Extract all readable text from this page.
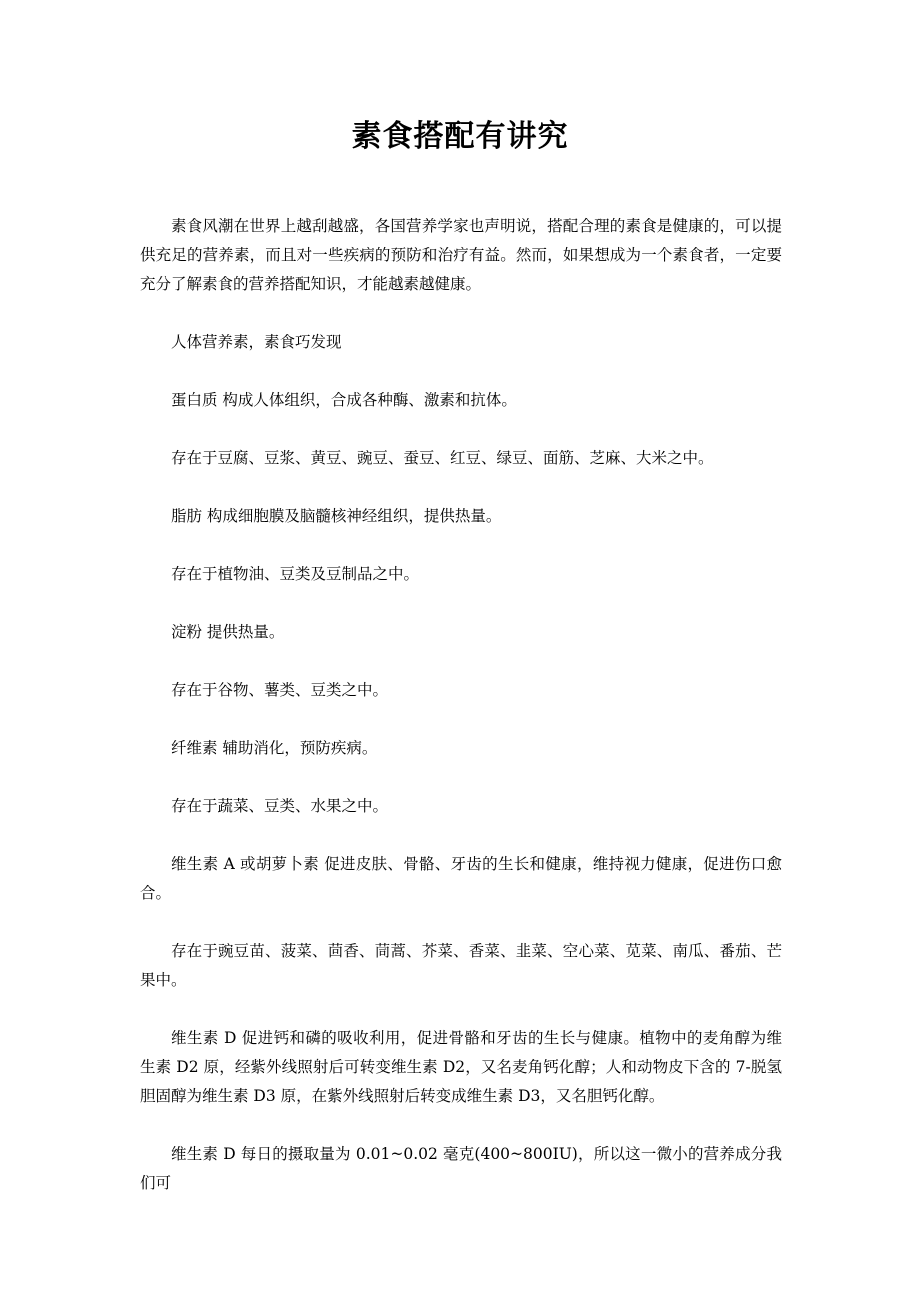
素食搭配有讲究

素食风潮在世界上越刮越盛，各国营养学家也声明说，搭配合理的素食是健康的，可以提供充足的营养素，而且对一些疾病的预防和治疗有益。然而，如果想成为一个素食者，一定要充分了解素食的营养搭配知识，才能越素越健康。

人体营养素，素食巧发现

蛋白质 构成人体组织，合成各种酶、激素和抗体。

存在于豆腐、豆浆、黄豆、豌豆、蚕豆、红豆、绿豆、面筋、芝麻、大米之中。

脂肪 构成细胞膜及脑髓核神经组织，提供热量。

存在于植物油、豆类及豆制品之中。

淀粉 提供热量。

存在于谷物、薯类、豆类之中。

纤维素 辅助消化，预防疾病。

存在于蔬菜、豆类、水果之中。

维生素 A 或胡萝卜素 促进皮肤、骨骼、牙齿的生长和健康，维持视力健康，促进伤口愈合。

存在于豌豆苗、菠菜、茴香、茼蒿、芥菜、香菜、韭菜、空心菜、苋菜、南瓜、番茄、芒果中。

维生素 D 促进钙和磷的吸收利用，促进骨骼和牙齿的生长与健康。植物中的麦角醇为维生素 D2 原，经紫外线照射后可转变维生素 D2，又名麦角钙化醇；人和动物皮下含的 7-脱氢胆固醇为维生素 D3 原，在紫外线照射后转变成维生素 D3，又名胆钙化醇。

维生素 D 每日的摄取量为 0.01~0.02 毫克(400~800IU)，所以这一微小的营养成分我们可
